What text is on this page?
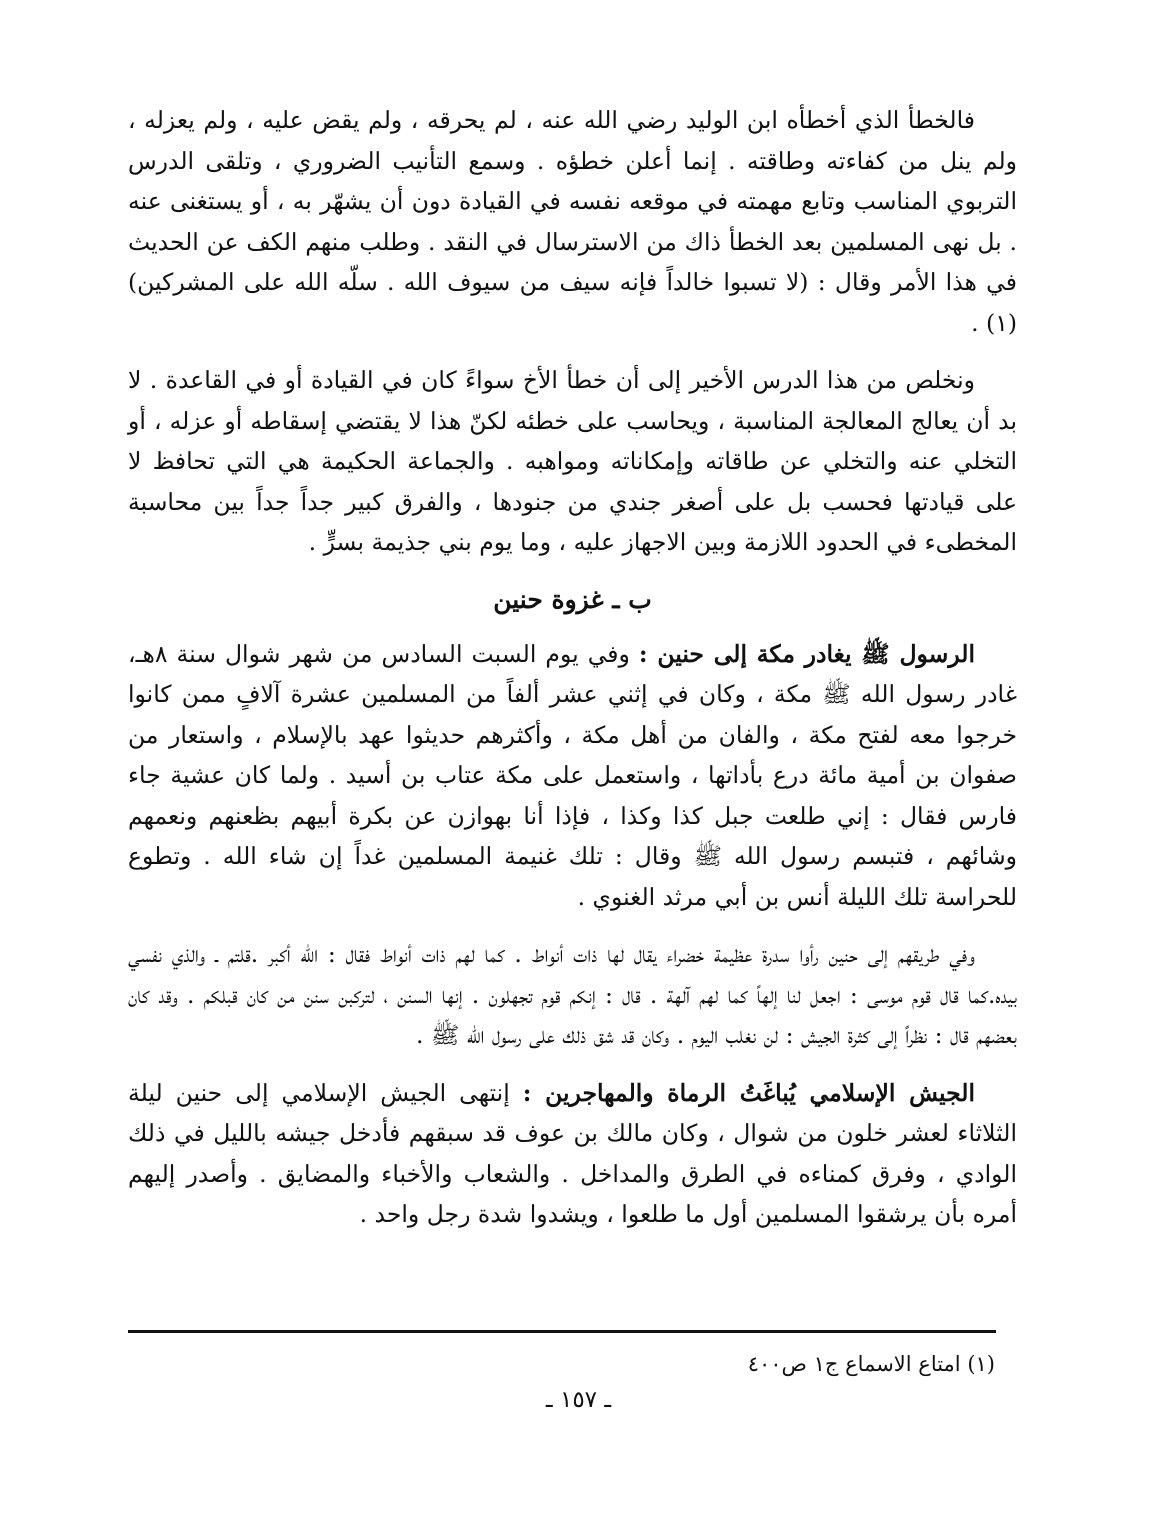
فالخطأ الذي أخطأه ابن الوليد رضي الله عنه ، لم يحرقه ، ولم يقض عليه ، ولم يعزله ، ولم ينل من كفاءته وطاقته . إنما أعلن خطؤه . وسمع التأنيب الضروري ، وتلقى الدرس التربوي المناسب وتابع مهمته في موقعه نفسه في القيادة دون أن يشهّر به ، أو يستغنى عنه . بل نهى المسلمين بعد الخطأ ذاك من الاسترسال في النقد . وطلب منهم الكف عن الحديث في هذا الأمر وقال : (لا تسبوا خالداً فإنه سيف من سيوف الله . سلّه الله على المشركين)(١) .

ونخلص من هذا الدرس الأخير إلى أن خطأ الأخ سواءً كان في القيادة أو في القاعدة . لا بد أن يعالج المعالجة المناسبة ، ويحاسب على خطئه لكنّ هذا لا يقتضي إسقاطه أو عزله ، أو التخلي عنه والتخلي عن طاقاته وإمكاناته ومواهبه . والجماعة الحكيمة هي التي تحافظ لا على قيادتها فحسب بل على أصغر جندي من جنودها ، والفرق كبير جداً جداً بين محاسبة المخطىء في الحدود اللازمة وبين الاجهاز عليه ، وما يوم بني جذيمة بسرٍّ .

ب ـ غزوة حنين

الرسول ﷺ يغادر مكة إلى حنين : وفي يوم السبت السادس من شهر شوال سنة ٨هـ، غادر رسول الله ﷺ مكة ، وكان في إثني عشر ألفاً من المسلمين عشرة آلافٍ ممن كانوا خرجوا معه لفتح مكة ، والفان من أهل مكة ، وأكثرهم حديثوا عهد بالإسلام ، واستعار من صفوان بن أمية مائة درع بأداتها ، واستعمل على مكة عتاب بن أسيد . ولما كان عشية جاء فارس فقال : إني طلعت جبل كذا وكذا ، فإذا أنا بهوازن عن بكرة أبيهم بظعنهم ونعمهم وشائهم ، فتبسم رسول الله ﷺ وقال : تلك غنيمة المسلمين غداً إن شاء الله . وتطوع للحراسة تلك الليلة أنس بن أبي مرثد الغنوي .

وفي طريقهم إلى حنين رأوا سدرة عظيمة خضراء يقال لها ذات أنواط . كما لهم ذات أنواط فقال : الله أكبر .قلتم ـ والذي نفسي بيده.كما قال قوم موسى : اجعل لنا إلهاً كما لهم آلهة . قال : إنكم قوم تجهلون . إنها السنن ، لتركبن سنن من كان قبلكم . وقد كان بعضهم قال : نظراً إلى كثرة الجيش : لن نغلب اليوم . وكان قد شق ذلك على رسول الله ﷺ .

الجيش الإسلامي يُباغَتُ الرماة والمهاجرين : إنتهى الجيش الإسلامي إلى حنين ليلة الثلاثاء لعشر خلون من شوال ، وكان مالك بن عوف قد سبقهم فأدخل جيشه بالليل في ذلك الوادي ، وفرق كمناءه في الطرق والمداخل . والشعاب والأخباء والمضايق . وأصدر إليهم أمره بأن يرشقوا المسلمين أول ما طلعوا ، ويشدوا شدة رجل واحد .

(١) امتاع الاسماع ج١ ص٤٠٠
ـ ١٥٧ ـ
